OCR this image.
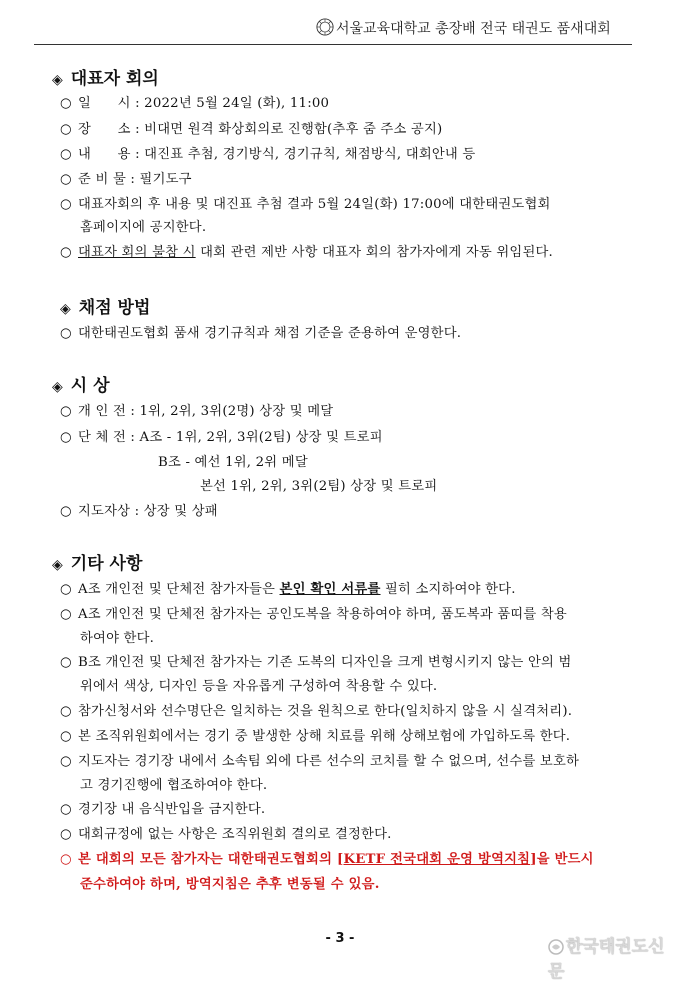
서울교육대학교 총장배 전국 태권도 품새대회
◈ 대표자 회의
○ 일      시 : 2022년 5월 24일 (화), 11:00
○ 장      소 : 비대면 원격 화상회의로 진행함(추후 줌 주소 공지)
○ 내      용 : 대진표 추첨, 경기방식, 경기규칙, 채점방식, 대회안내 등
○ 준 비 물 : 필기도구
○ 대표자회의 후 내용 및 대진표 추첨 결과 5월 24일(화) 17:00에 대한태권도협회
홈페이지에 공지한다.
○ 대표자 회의 불참 시 대회 관련 제반 사항 대표자 회의 참가자에게 자동 위임된다.
◈ 채점 방법
○ 대한태권도협회 품새 경기규칙과 채점 기준을 준용하여 운영한다.
◈ 시 상
○ 개 인 전 : 1위, 2위, 3위(2명) 상장 및 메달
○ 단 체 전 : A조 - 1위, 2위, 3위(2팀) 상장 및 트로피
B조 - 예선 1위, 2위 메달
본선 1위, 2위, 3위(2팀) 상장 및 트로피
○ 지도자상 : 상장 및 상패
◈ 기타 사항
○ A조 개인전 및 단체전 참가자들은 본인 확인 서류를 필히 소지하여야 한다.
○ A조 개인전 및 단체전 참가자는 공인도복을 착용하여야 하며, 품도복과 품띠를 착용
하여야 한다.
○ B조 개인전 및 단체전 참가자는 기존 도복의 디자인을 크게 변형시키지 않는 안의 범
위에서 색상, 디자인 등을 자유롭게 구성하여 착용할 수 있다.
○ 참가신청서와 선수명단은 일치하는 것을 원칙으로 한다(일치하지 않을 시 실격처리).
○ 본 조직위원회에서는 경기 중 발생한 상해 치료를 위해 상해보험에 가입하도록 한다.
○ 지도자는 경기장 내에서 소속팀 외에 다른 선수의 코치를 할 수 없으며, 선수를 보호하
고 경기진행에 협조하여야 한다.
○ 경기장 내 음식반입을 금지한다.
○ 대회규정에 없는 사항은 조직위원회 결의로 결정한다.
○ 본 대회의 모든 참가자는 대한태권도협회의 [KETF 전국대회 운영 방역지침]을 반드시
준수하여야 하며, 방역지침은 추후 변동될 수 있음.
- 3 -	한국태권도신문
